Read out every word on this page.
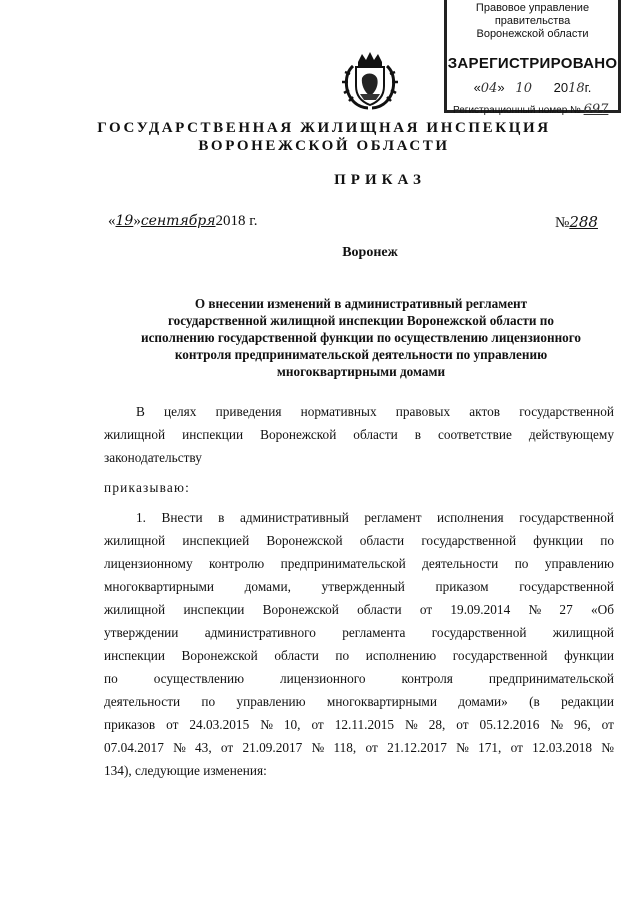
Правовое управление правительства
Воронежской области
ЗАРЕГИСТРИРОВАНО
«04» 10 2018г.
Регистрационный номер № 697
ГОСУДАРСТВЕННАЯ ЖИЛИЩНАЯ ИНСПЕКЦИЯ
ВОРОНЕЖСКОЙ ОБЛАСТИ
ПРИКАЗ
«19»сентября2018 г.	№288
Воронеж
О внесении изменений в административный регламент
государственной жилищной инспекции Воронежской области по
исполнению государственной функции по осуществлению лицензионного
контроля предпринимательской деятельности по управлению
многоквартирными домами
В целях приведения нормативных правовых актов государственной
жилищной инспекции Воронежской области в соответствие действующему
законодательству
приказываю:
1. Внести в административный регламент исполнения государственной
жилищной инспекцией Воронежской области государственной функции по
лицензионному контролю предпринимательской деятельности по управлению
многоквартирными домами, утвержденный приказом государственной
жилищной инспекции Воронежской области от 19.09.2014 № 27 «Об
утверждении административного регламента государственной жилищной
инспекции Воронежской области по исполнению государственной функции
по	осуществлению	лицензионного	контроля	предпринимательской
деятельности по управлению многоквартирными домами» (в редакции
приказов от 24.03.2015 № 10, от 12.11.2015 № 28, от 05.12.2016 № 96, от
07.04.2017 № 43, от 21.09.2017 № 118, от 21.12.2017 № 171, от 12.03.2018 №
134), следующие изменения:
